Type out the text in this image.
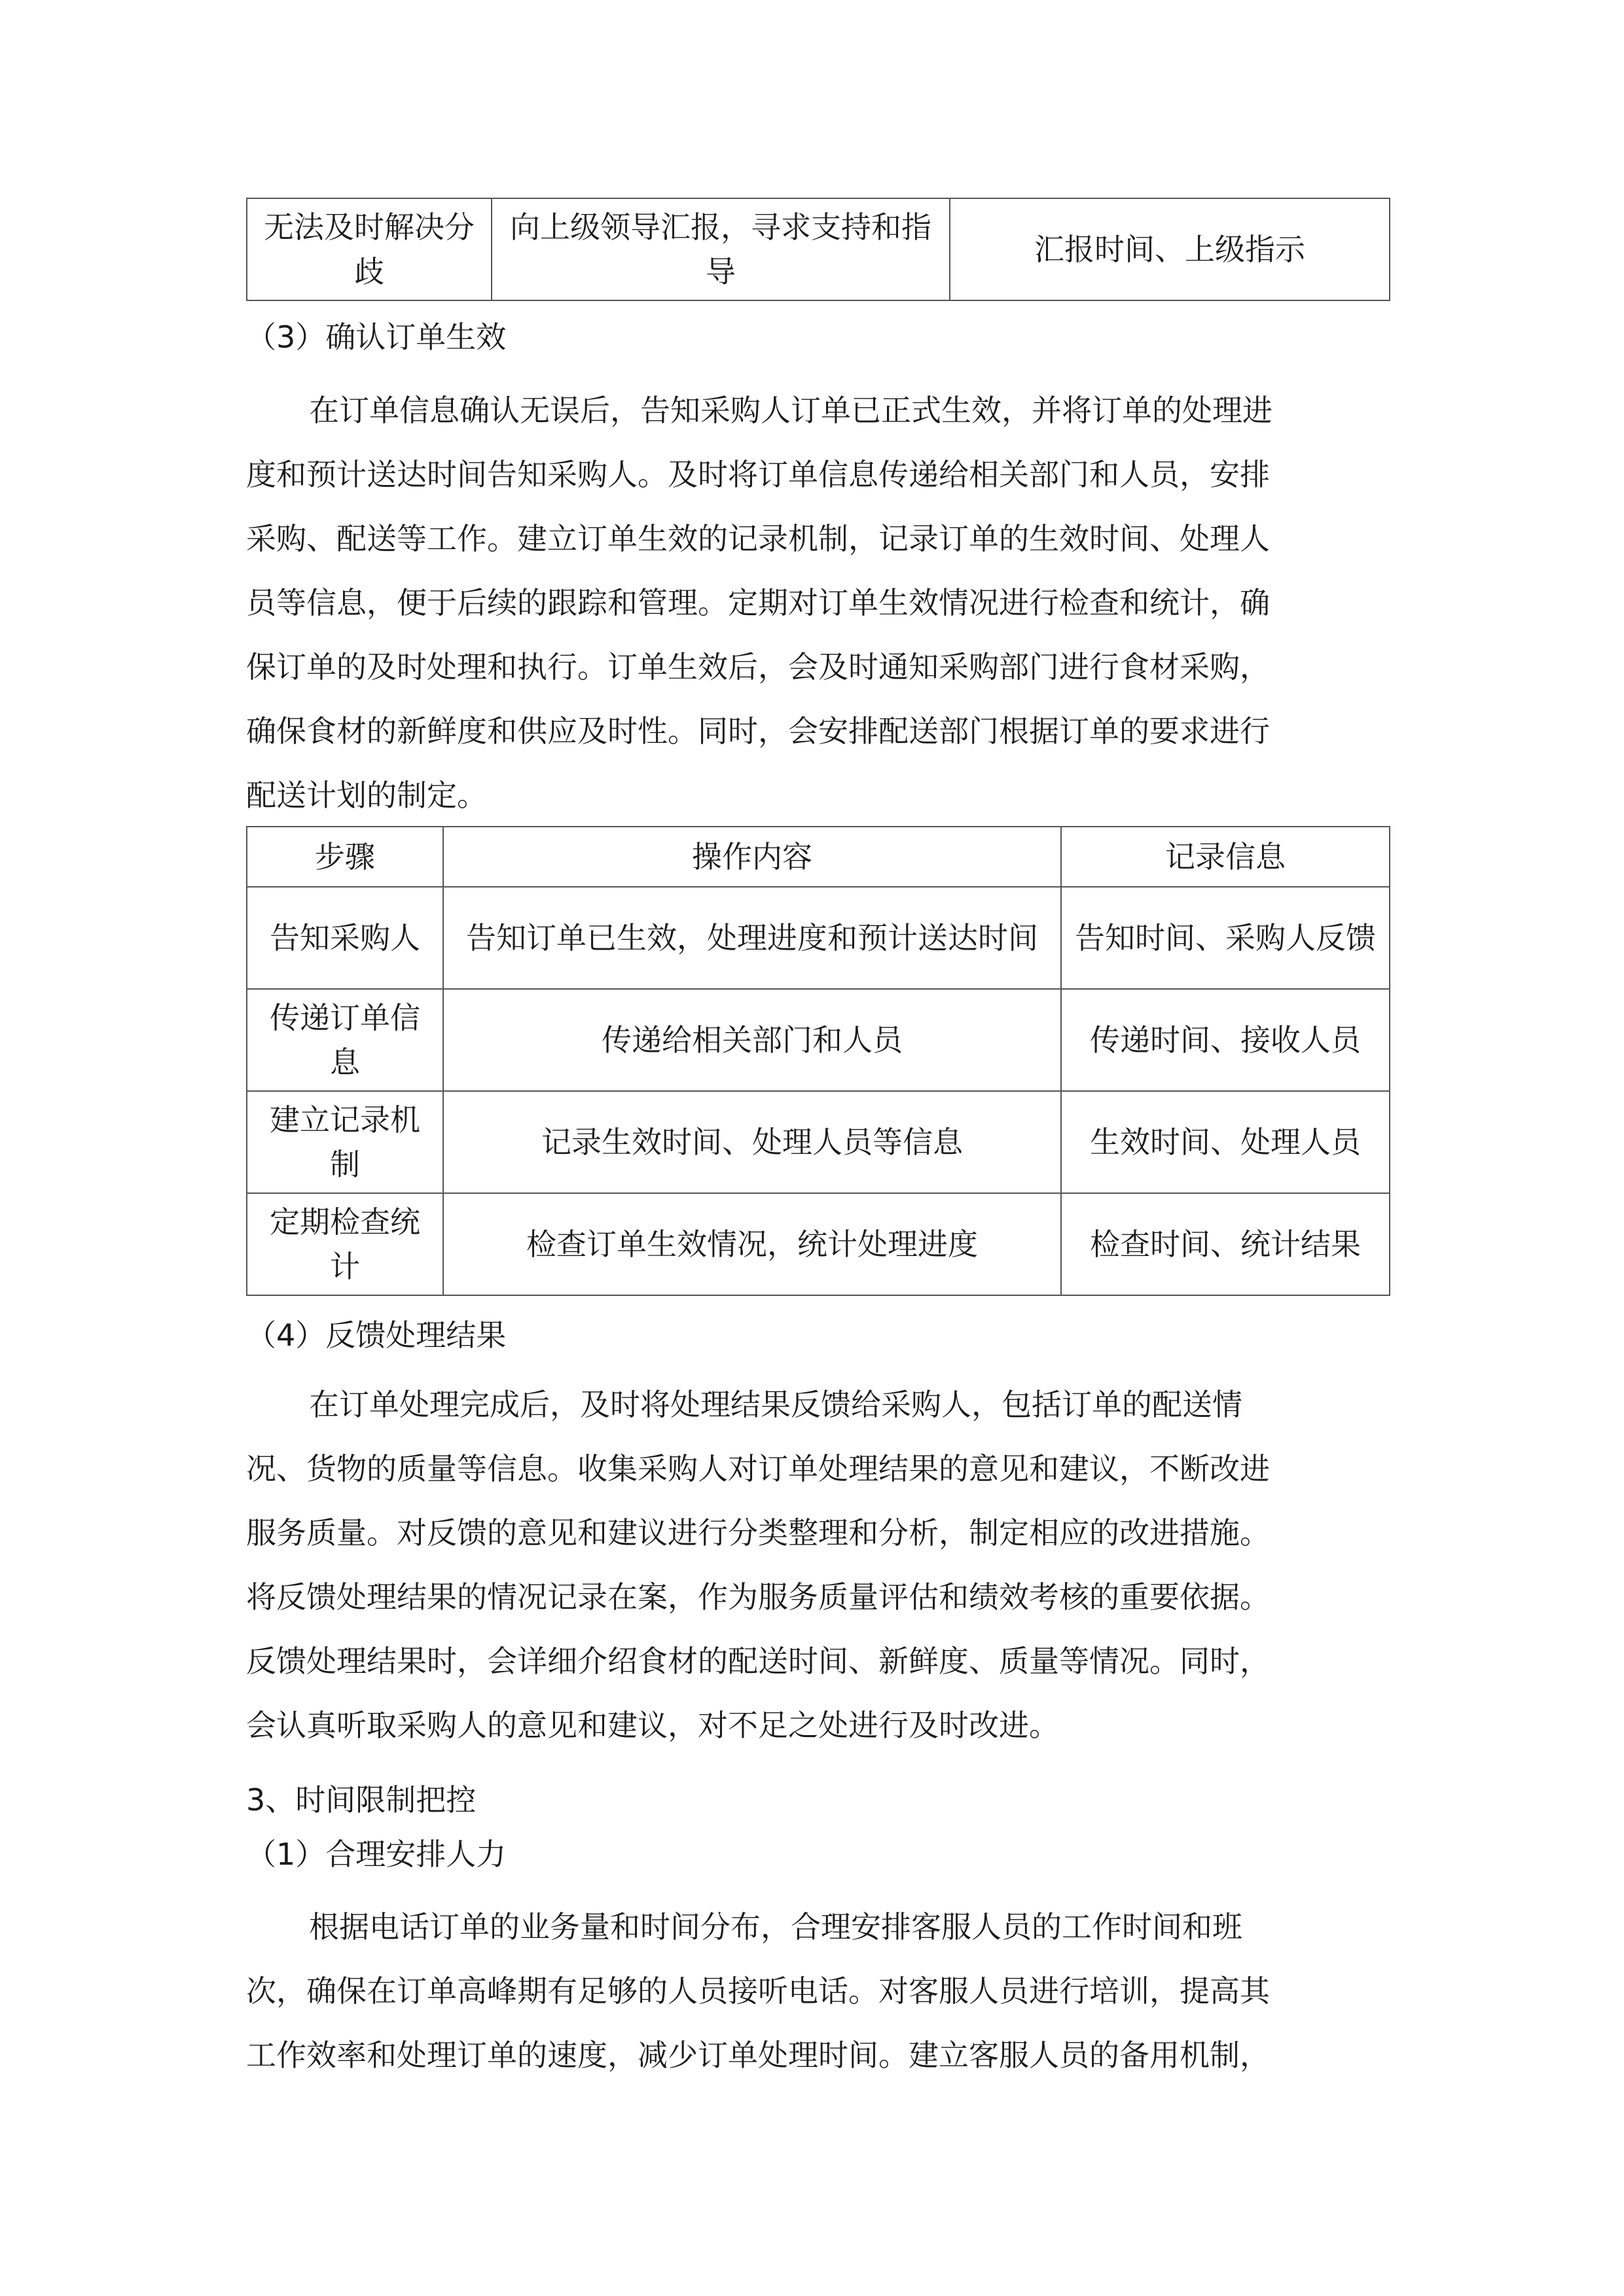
无法及时解决分歧	向上级领导汇报，寻求支持和指导	汇报时间、上级指示
（3）确认订单生效
在订单信息确认无误后，告知采购人订单已正式生效，并将订单的处理进
度和预计送达时间告知采购人。及时将订单信息传递给相关部门和人员，安排
采购、配送等工作。建立订单生效的记录机制，记录订单的生效时间、处理人
员等信息，便于后续的跟踪和管理。定期对订单生效情况进行检查和统计，确
保订单的及时处理和执行。订单生效后，会及时通知采购部门进行食材采购，
确保食材的新鲜度和供应及时性。同时，会安排配送部门根据订单的要求进行
配送计划的制定。
步骤	操作内容	记录信息
告知采购人	告知订单已生效，处理进度和预计送达时间	告知时间、采购人反馈
传递订单信息	传递给相关部门和人员	传递时间、接收人员
建立记录机制	记录生效时间、处理人员等信息	生效时间、处理人员
定期检查统计	检查订单生效情况，统计处理进度	检查时间、统计结果
（4）反馈处理结果
在订单处理完成后，及时将处理结果反馈给采购人，包括订单的配送情
况、货物的质量等信息。收集采购人对订单处理结果的意见和建议，不断改进
服务质量。对反馈的意见和建议进行分类整理和分析，制定相应的改进措施。
将反馈处理结果的情况记录在案，作为服务质量评估和绩效考核的重要依据。
反馈处理结果时，会详细介绍食材的配送时间、新鲜度、质量等情况。同时，
会认真听取采购人的意见和建议，对不足之处进行及时改进。
3、时间限制把控
（1）合理安排人力
根据电话订单的业务量和时间分布，合理安排客服人员的工作时间和班
次，确保在订单高峰期有足够的人员接听电话。对客服人员进行培训，提高其
工作效率和处理订单的速度，减少订单处理时间。建立客服人员的备用机制，
